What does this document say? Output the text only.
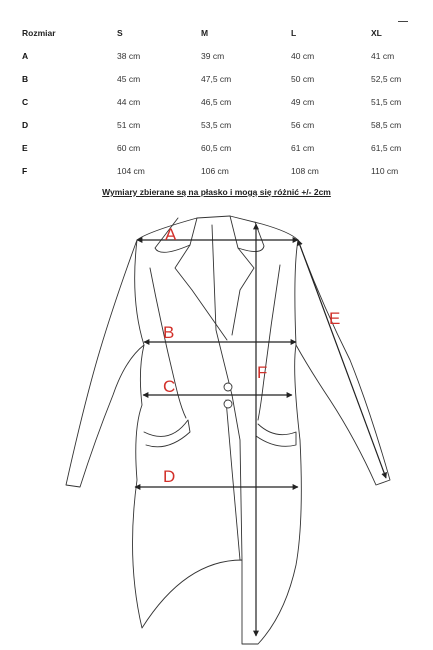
Rozmiar	S	M	L	XL
A	38 cm	39 cm	40 cm	41 cm
B	45 cm	47,5 cm	50 cm	52,5 cm
C	44 cm	46,5 cm	49 cm	51,5 cm
D	51 cm	53,5 cm	56 cm	58,5 cm
E	60 cm	60,5 cm	61 cm	61,5 cm
F	104 cm	106 cm	108 cm	110 cm
Wymiary zbierane są na płasko i mogą się różnić +/- 2cm
A
B
C
D
E
F
